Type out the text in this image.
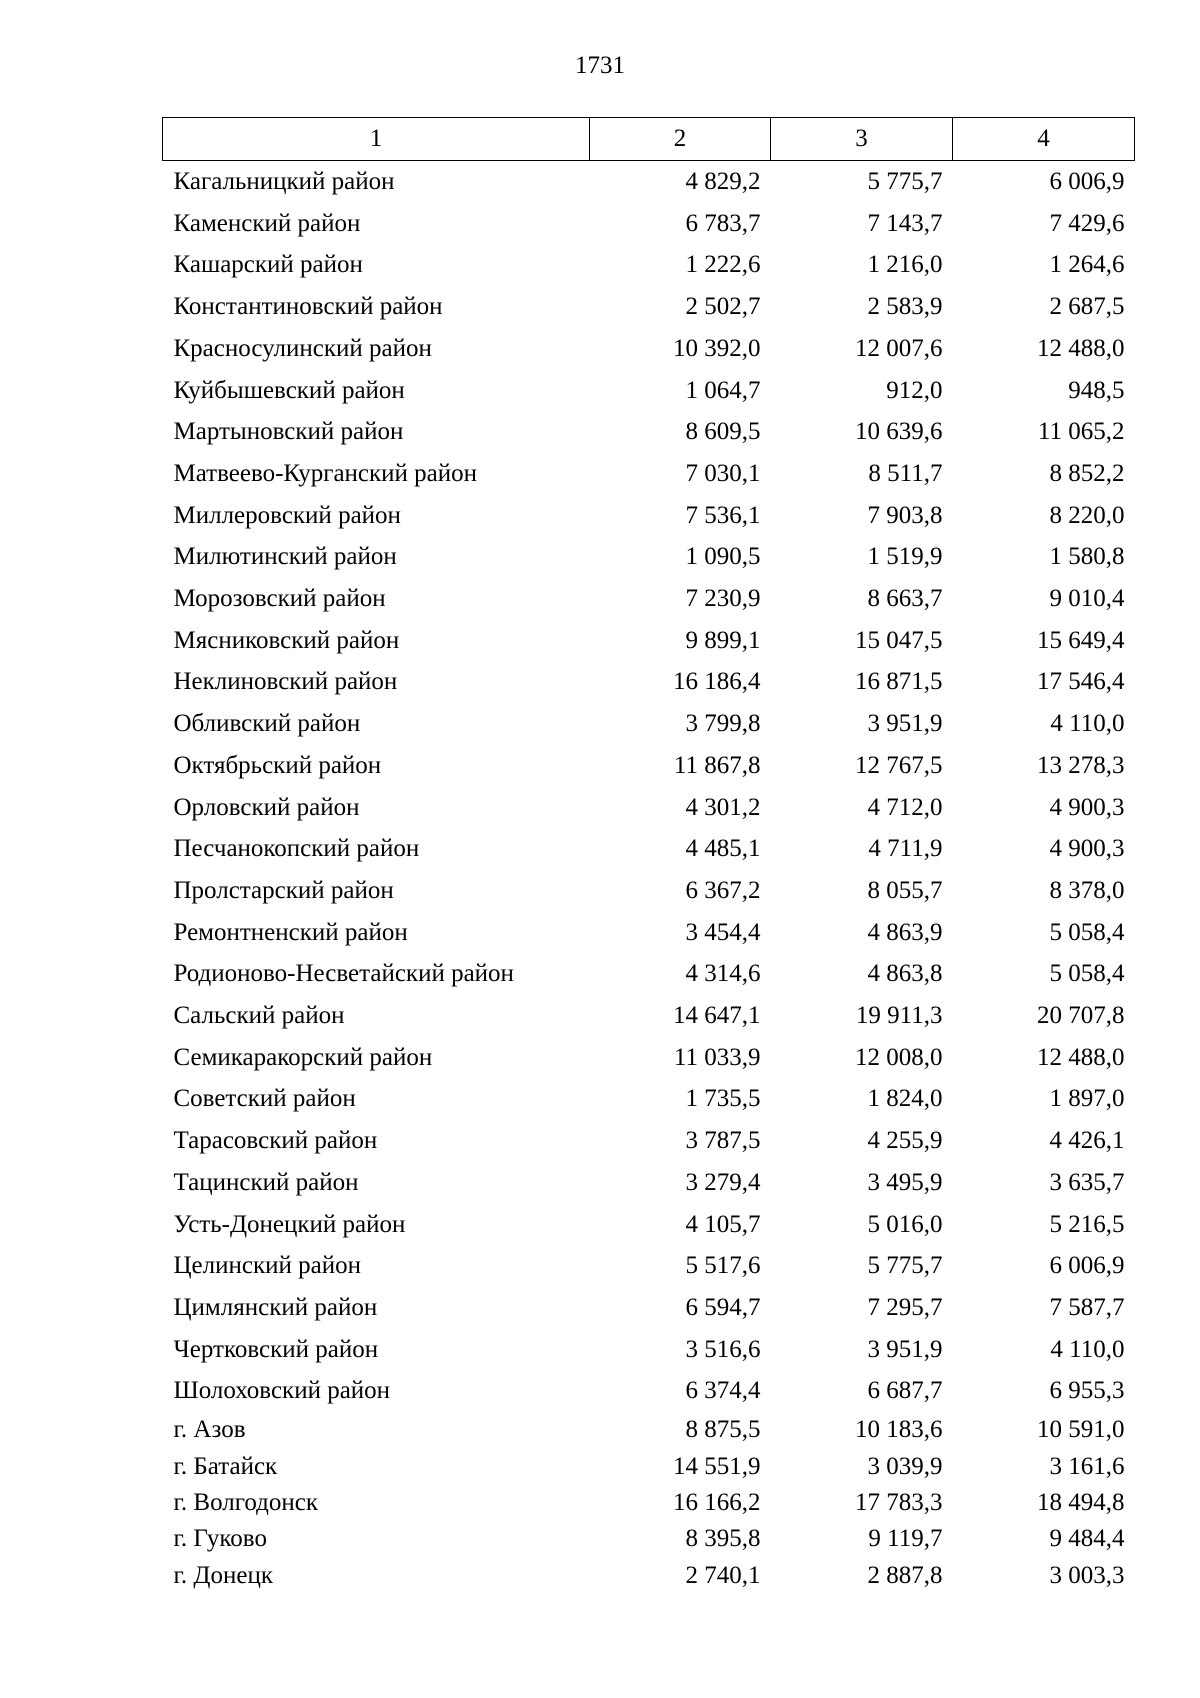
1731
1	2	3	4
Кагальницкий район	4 829,2	5 775,7	6 006,9
Каменский район	6 783,7	7 143,7	7 429,6
Кашарский район	1 222,6	1 216,0	1 264,6
Константиновский район	2 502,7	2 583,9	2 687,5
Красносулинский район	10 392,0	12 007,6	12 488,0
Куйбышевский район	1 064,7	912,0	948,5
Мартыновский район	8 609,5	10 639,6	11 065,2
Матвеево-Курганский район	7 030,1	8 511,7	8 852,2
Миллеровский район	7 536,1	7 903,8	8 220,0
Милютинский район	1 090,5	1 519,9	1 580,8
Морозовский район	7 230,9	8 663,7	9 010,4
Мясниковский район	9 899,1	15 047,5	15 649,4
Неклиновский район	16 186,4	16 871,5	17 546,4
Обливский район	3 799,8	3 951,9	4 110,0
Октябрьский район	11 867,8	12 767,5	13 278,3
Орловский район	4 301,2	4 712,0	4 900,3
Песчанокопский район	4 485,1	4 711,9	4 900,3
Пролстарский район	6 367,2	8 055,7	8 378,0
Ремонтненский район	3 454,4	4 863,9	5 058,4
Родионово-Несветайский район	4 314,6	4 863,8	5 058,4
Сальский район	14 647,1	19 911,3	20 707,8
Семикаракорский район	11 033,9	12 008,0	12 488,0
Советский район	1 735,5	1 824,0	1 897,0
Тарасовский район	3 787,5	4 255,9	4 426,1
Тацинский район	3 279,4	3 495,9	3 635,7
Усть-Донецкий район	4 105,7	5 016,0	5 216,5
Целинский район	5 517,6	5 775,7	6 006,9
Цимлянский район	6 594,7	7 295,7	7 587,7
Чертковский район	3 516,6	3 951,9	4 110,0
Шолоховский район	6 374,4	6 687,7	6 955,3
г. Азов	8 875,5	10 183,6	10 591,0
г. Батайск	14 551,9	3 039,9	3 161,6
г. Волгодонск	16 166,2	17 783,3	18 494,8
г. Гуково	8 395,8	9 119,7	9 484,4
г. Донецк	2 740,1	2 887,8	3 003,3
